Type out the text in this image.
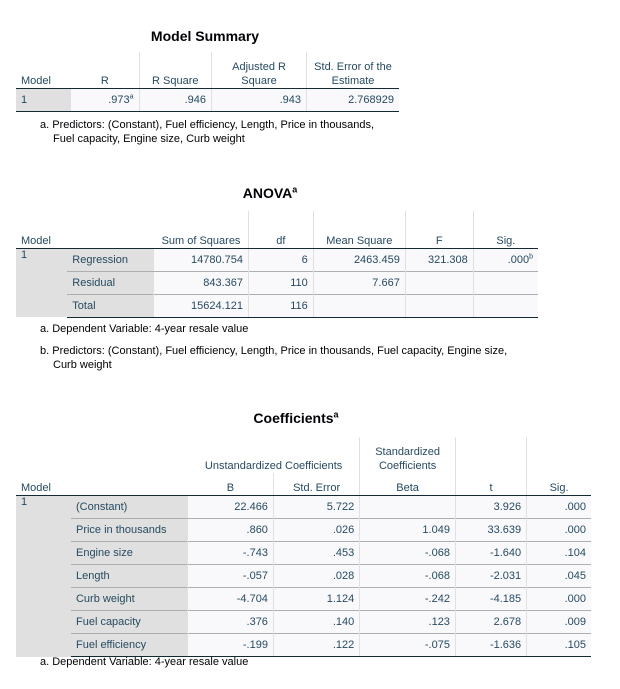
Model Summary
Model	R	R Square	Adjusted R Square	Std. Error of the Estimate
1	.973$^a$	.946	.943	2.768929
a. Predictors: (Constant), Fuel efficiency, Length, Price in thousands, Fuel capacity, Engine size, Curb weight
ANOVA$^a$
Model		Sum of Squares	df	Mean Square	F	Sig.
1	Regression	14780.754	6	2463.459	321.308	.000$^b$
	Residual	843.367	110	7.667		
	Total	15624.121	116			
a. Dependent Variable: 4-year resale value
b. Predictors: (Constant), Fuel efficiency, Length, Price in thousands, Fuel capacity, Engine size, Curb weight
Coefficients$^a$
		Unstandardized Coefficients		Standardized Coefficients		
Model		B	Std. Error	Beta	t	Sig.
1	(Constant)	22.466	5.722		3.926	.000
	Price in thousands	.860	.026	1.049	33.639	.000
	Engine size	-.743	.453	-.068	-1.640	.104
	Length	-.057	.028	-.068	-2.031	.045
	Curb weight	-4.704	1.124	-.242	-4.185	.000
	Fuel capacity	.376	.140	.123	2.678	.009
	Fuel efficiency	-.199	.122	-.075	-1.636	.105
a. Dependent Variable: 4-year resale value
